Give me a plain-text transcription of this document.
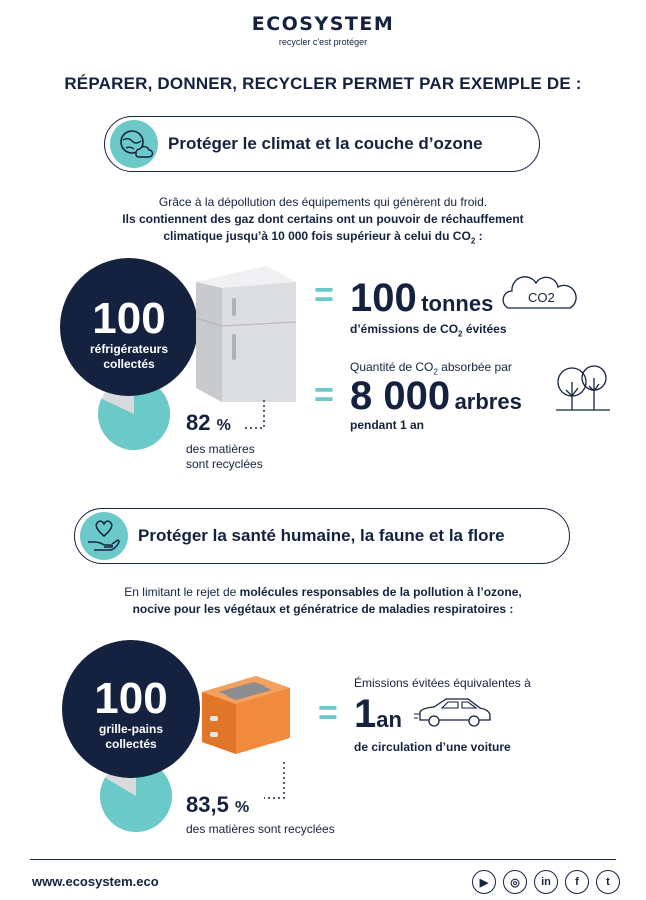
ECOSYSTEM
recycler c'est protéger
RÉPARER, DONNER, RECYCLER PERMET PAR EXEMPLE DE :
Protéger le climat et la couche d’ozone
Grâce à la dépollution des équipements qui génèrent du froid.
Ils contiennent des gaz dont certains ont un pouvoir de réchauffement
climatique jusqu’à 10 000 fois supérieur à celui du $CO_2$ :
100
réfrigérateurs
collectés
82 %
des matières
sont recyclées
= 100 tonnes	CO2
d’émissions de $CO_2$ évitées
Quantité de $CO_2$ absorbée par
= 8 000 arbres
pendant 1 an
Protéger la santé humaine, la faune et la flore
En limitant le rejet de molécules responsables de la pollution à l’ozone,
nocive pour les végétaux et génératrice de maladies respiratoires :
100
grille-pains
collectés
83,5 %
des matières sont recyclées
Émissions évitées équivalentes à
= 1an
de circulation d’une voiture
www.ecosystem.eco	▶	◎	in	f	t
